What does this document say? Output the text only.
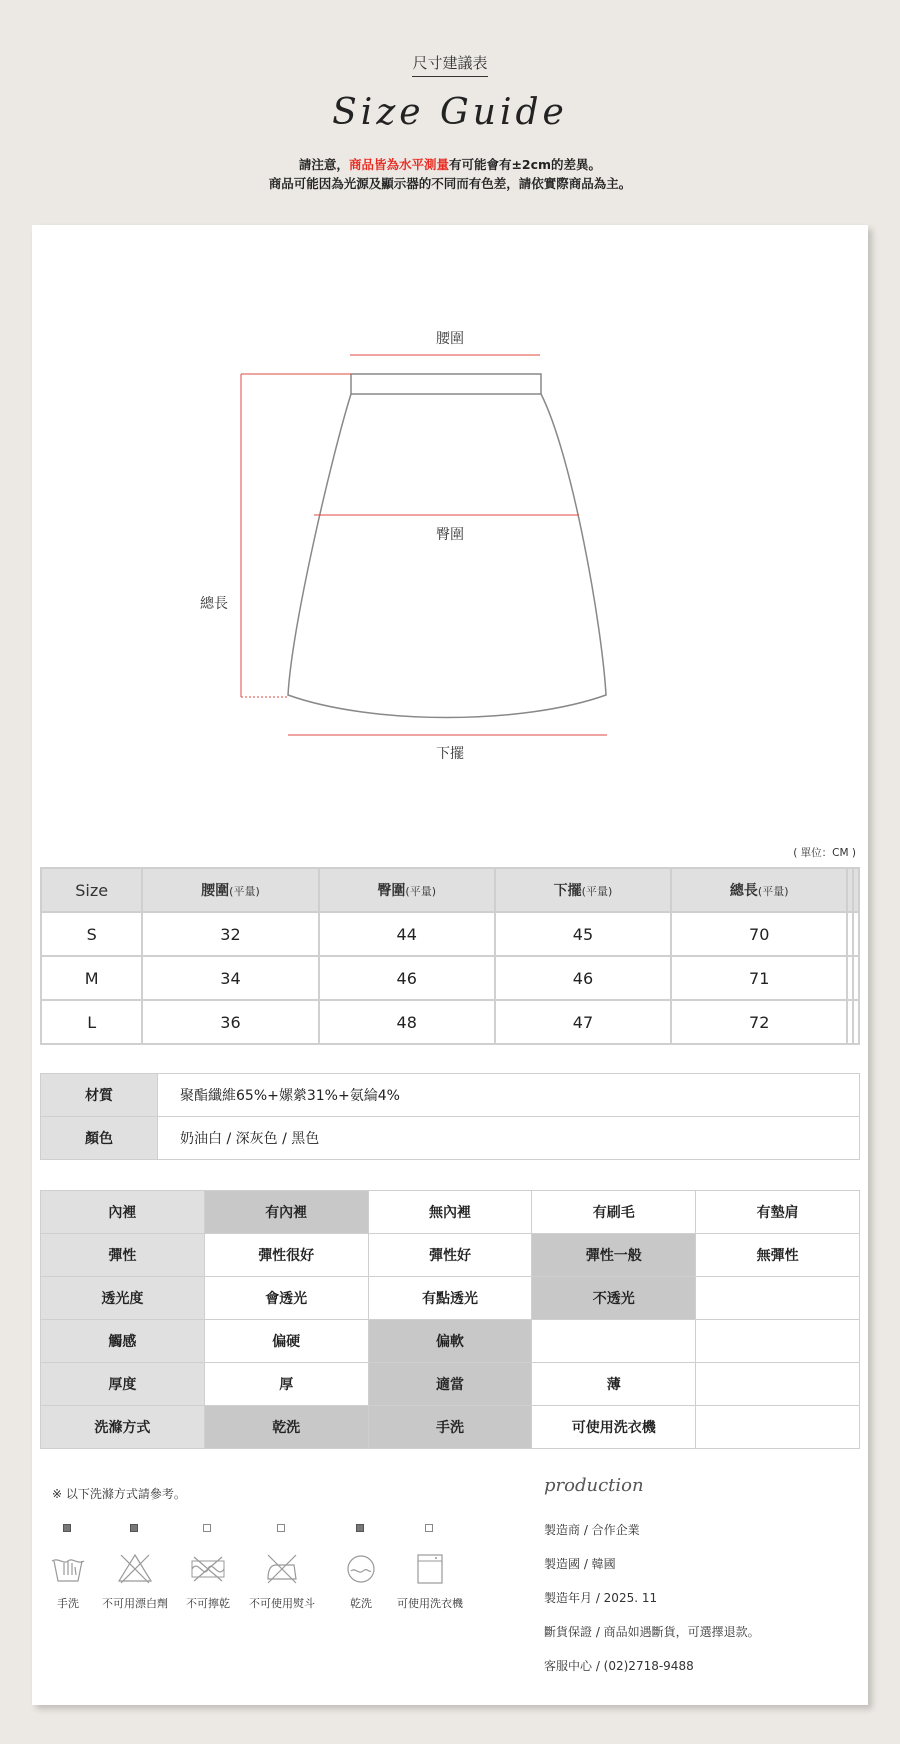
尺寸建議表
Size Guide
請注意，商品皆為水平測量有可能會有±2cm的差異。
商品可能因為光源及顯示器的不同而有色差，請依實際商品為主。
腰圍
臀圍
總長
下擺
( 單位：CM )
Size	腰圍(平量)	臀圍(平量)	下擺(平量)	總長(平量)		
S	32	44	45	70		
M	34	46	46	71		
L	36	48	47	72		
材質	聚酯纖維65%+嫘縈31%+氨綸4%
顏色	奶油白 / 深灰色 / 黑色
內裡	有內裡	無內裡	有刷毛	有墊肩
彈性	彈性很好	彈性好	彈性一般	無彈性
透光度	會透光	有點透光	不透光	
觸感	偏硬	偏軟		
厚度	厚	適當	薄	
洗滌方式	乾洗	手洗	可使用洗衣機	
※ 以下洗滌方式請參考。
手洗	不可用漂白劑	不可擰乾	不可使用熨斗	乾洗	可使用洗衣機
production
製造商 / 合作企業
製造國 / 韓國
製造年月 / 2025. 11
斷貨保證 / 商品如遇斷貨，可選擇退款。
客服中心 / (02)2718-9488
